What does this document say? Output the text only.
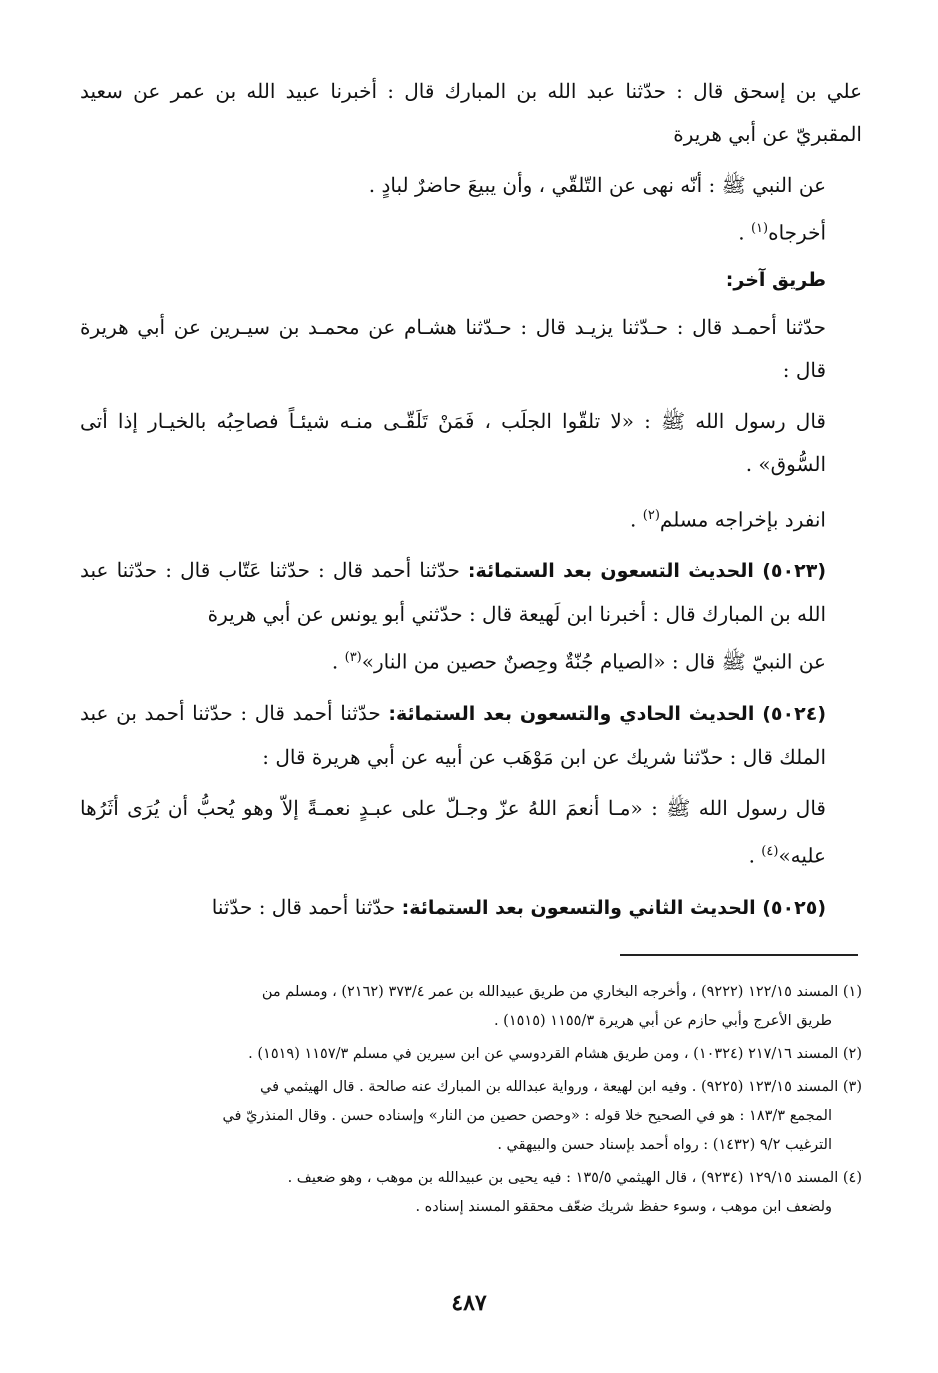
علي بن إسحق قال : حدّثنا عبد الله بن المبارك قال : أخبرنا عبيد الله بن عمر عن سعيد المقبريّ عن أبي هريرة

عن النبي ﷺ : أنّه نهى عن التّلقّي ، وأن يبيعَ حاضرٌ لبادٍ .

أخرجاه$^{(١)}$ .

طريق آخر:

حدّثنا أحمـد قال : حـدّثنا يزيـد قال : حـدّثنا هشـام عن محمـد بن سيـرين عن أبي هريرة قال :

قال رسول الله ﷺ : «لا تلقّوا الجلَب ، فَمَنْ تَلَقّـى منـه شيئـاً فصاحِبُه بالخيـار إذا أتى السُّوق» .

انفرد بإخراجه مسلم$^{(٢)}$ .

(٥٠٢٣) الحديث التسعون بعد الستمائة: حدّثنا أحمد قال : حدّثنا عَتّاب قال : حدّثنا عبد الله بن المبارك قال : أخبرنا ابن لَهيعة قال : حدّثني أبو يونس عن أبي هريرة

عن النبيّ ﷺ قال : «الصيام جُنّةٌ وحِصنٌ حصين من النار»$^{(٣)}$ .

(٥٠٢٤) الحديث الحادي والتسعون بعد الستمائة: حدّثنا أحمد قال : حدّثنا أحمد بن عبد الملك قال : حدّثنا شريك عن ابن مَوْهَب عن أبيه عن أبي هريرة قال :

قال رسول الله ﷺ : «مـا أنعمَ اللهُ عزّ وجـلّ على عبـدٍ نعمـةً إلاّ وهو يُحبُّ أن يُرَى أثَرُها عليه»$^{(٤)}$ .

(٥٠٢٥) الحديث الثاني والتسعون بعد الستمائة: حدّثنا أحمد قال : حدّثنا

(١) المسند ١٢٢/١٥ (٩٢٢٢) ، وأخرجه البخاري من طريق عبيدالله بن عمر ٣٧٣/٤ (٢١٦٢) ، ومسلم من
طريق الأعرج وأبي حازم عن أبي هريرة ١١٥٥/٣ (١٥١٥) .

(٢) المسند ٢١٧/١٦ (١٠٣٢٤) ، ومن طريق هشام القردوسي عن ابن سيرين في مسلم ١١٥٧/٣ (١٥١٩) .

(٣) المسند ١٢٣/١٥ (٩٢٢٥) . وفيه ابن لهيعة ، ورواية عبدالله بن المبارك عنه صالحة . قال الهيثمي في
المجمع ١٨٣/٣ : هو في الصحيح خلا قوله : «وحصن حصين من النار» وإسناده حسن . وقال المنذريّ في
الترغيب ٩/٢ (١٤٣٢) : رواه أحمد بإسناد حسن والبيهقي .

(٤) المسند ١٢٩/١٥ (٩٢٣٤) ، قال الهيثمي ١٣٥/٥ : فيه يحيى بن عبيدالله بن موهب ، وهو ضعيف .
ولضعف ابن موهب ، وسوء حفظ شريك ضعّف محققو المسند إسناده .

٤٨٧
